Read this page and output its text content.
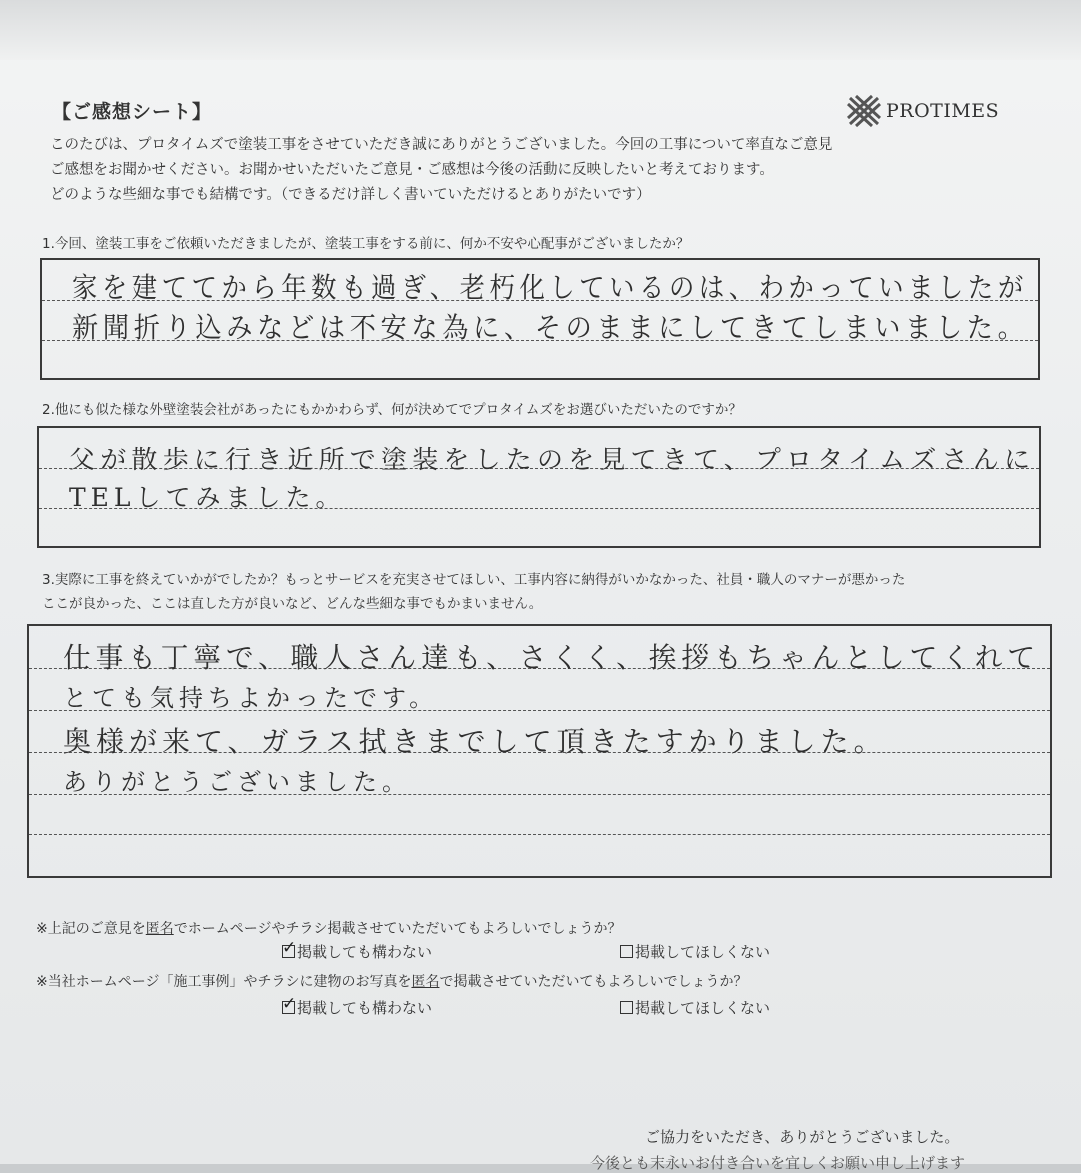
【ご感想シート】	PROTIMES
このたびは、プロタイムズで塗装工事をさせていただき誠にありがとうございました。今回の工事について率直なご意見
ご感想をお聞かせください。お聞かせいただいたご意見・ご感想は今後の活動に反映したいと考えております。
どのような些細な事でも結構です。（できるだけ詳しく書いていただけるとありがたいです）
1.今回、塗装工事をご依頼いただきましたが、塗装工事をする前に、何か不安や心配事がございましたか？
家を建ててから年数も過ぎ、老朽化しているのは、わかっていましたが
新聞折り込みなどは不安な為に、そのままにしてきてしまいました。
2.他にも似た様な外壁塗装会社があったにもかかわらず、何が決めてでプロタイムズをお選びいただいたのですか？
父が散歩に行き近所で塗装をしたのを見てきて、プロタイムズさんに
TELしてみました。
3.実際に工事を終えていかがでしたか？もっとサービスを充実させてほしい、工事内容に納得がいかなかった、社員・職人のマナーが悪かった
ここが良かった、ここは直した方が良いなど、どんな些細な事でもかまいません。
仕事も丁寧で、職人さん達も、さくく、挨拶もちゃんとしてくれて
とても気持ちよかったです。
奥様が来て、ガラス拭きまでして頂きたすかりました。
ありがとうございました。
※上記のご意見を匿名でホームページやチラシ掲載させていただいてもよろしいでしょうか？
✓
掲載しても構わない	掲載してほしくない
※当社ホームページ「施工事例」やチラシに建物のお写真を匿名で掲載させていただいてもよろしいでしょうか？
✓
掲載しても構わない	掲載してほしくない
ご協力をいただき、ありがとうございました。
今後とも末永いお付き合いを宜しくお願い申し上げます
